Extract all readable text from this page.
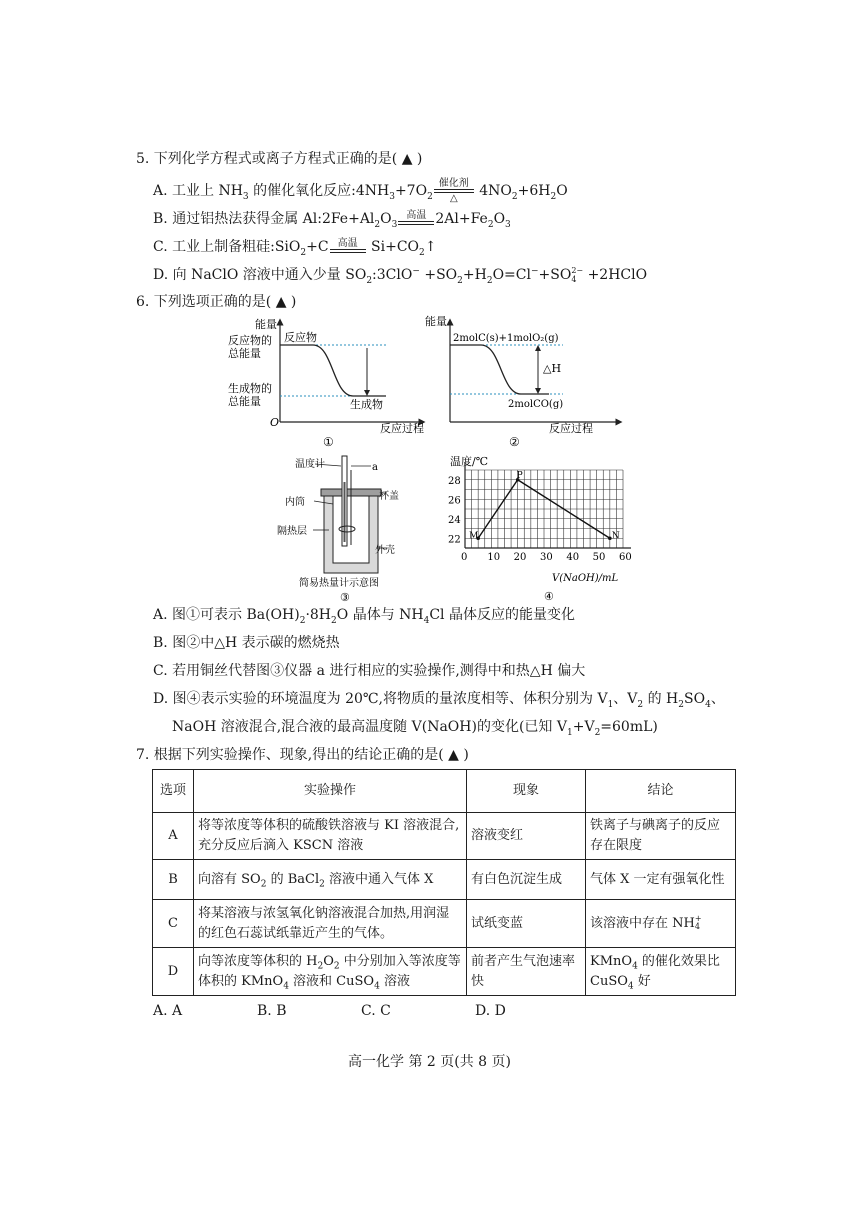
5. 下列化学方程式或离子方程式正确的是( ▲ )
A. 工业上 $NH_3$ 的催化氧化反应$:4NH_3+7O_2$
催化剂
△	$4NO_2+6H_2O$
B. 通过铝热法获得金属 $Al:2Fe+Al_2O_3$
高温 $2Al+Fe_2O_3$
C. 工业上制备粗硅:SiO$_2$+C 高温 $Si+CO_2↑$
D. 向 NaClO 溶液中通入少量 $SO_2:3ClO^- +SO_2+H_2O=Cl^-+SO$ 2−
4 +2HClO
6. 下列选项正确的是( ▲ )
能量
反应物
生成物
反应物的
总能量
生成物的
总能量
O	反应过程
①
能量
2molC(s)+1molO₂(g)
2molCO(g)
△H
反应过程
②
温度计	a
杯盖
内筒
隔热层
外壳
简易热量计示意图
③
温度/℃
V(NaOH)/mL
④
0 10 20 30 40 50 60
22
24
26
28
M
P
N
A. 图①可表示 $Ba(OH)_2\cdot 8H_2O$ 晶体与 $NH_4Cl$ 晶体反应的能量变化
B. 图②中△H 表示碳的燃烧热
C. 若用铜丝代替图③仪器 a 进行相应的实验操作,测得中和热△H 偏大
D. 图④表示实验的环境温度为 20℃,将物质的量浓度相等、体积分别为 $V_1$、$V_2$ 的 $H_2SO_4$、
NaOH 溶液混合,混合液的最高温度随 V(NaOH)的变化(已知 $V_1+V_2=60mL$)
7. 根据下列实验操作、现象,得出的结论正确的是( ▲ )
选项	实验操作	现象	结论
A	将等浓度等体积的硫酸铁溶液与 KI 溶液混合,充分反应后滴入 KSCN 溶液	溶液变红	铁离子与碘离子的反应存在限度
B	向溶有 $SO_2$ 的 BaCl$_2$ 溶液中通入气体 X	有白色沉淀生成	气体 X 一定有强氧化性
C	将某溶液与浓氢氧化钠溶液混合加热,用润湿的红色石蕊试纸靠近产生的气体。	试纸变蓝	该溶液中存在 NH +
4

D	向等浓度等体积的 $H_2O_2$ 中分别加入等浓度等体积的 KMnO$_4$ 溶液和 CuSO$_4$ 溶液	前者产生气泡速率快	KMnO$_4$ 的催化效果比 CuSO$_4$ 好
A. A	B. B	C. C	D. D
高一化学 第 2 页(共 8 页)
